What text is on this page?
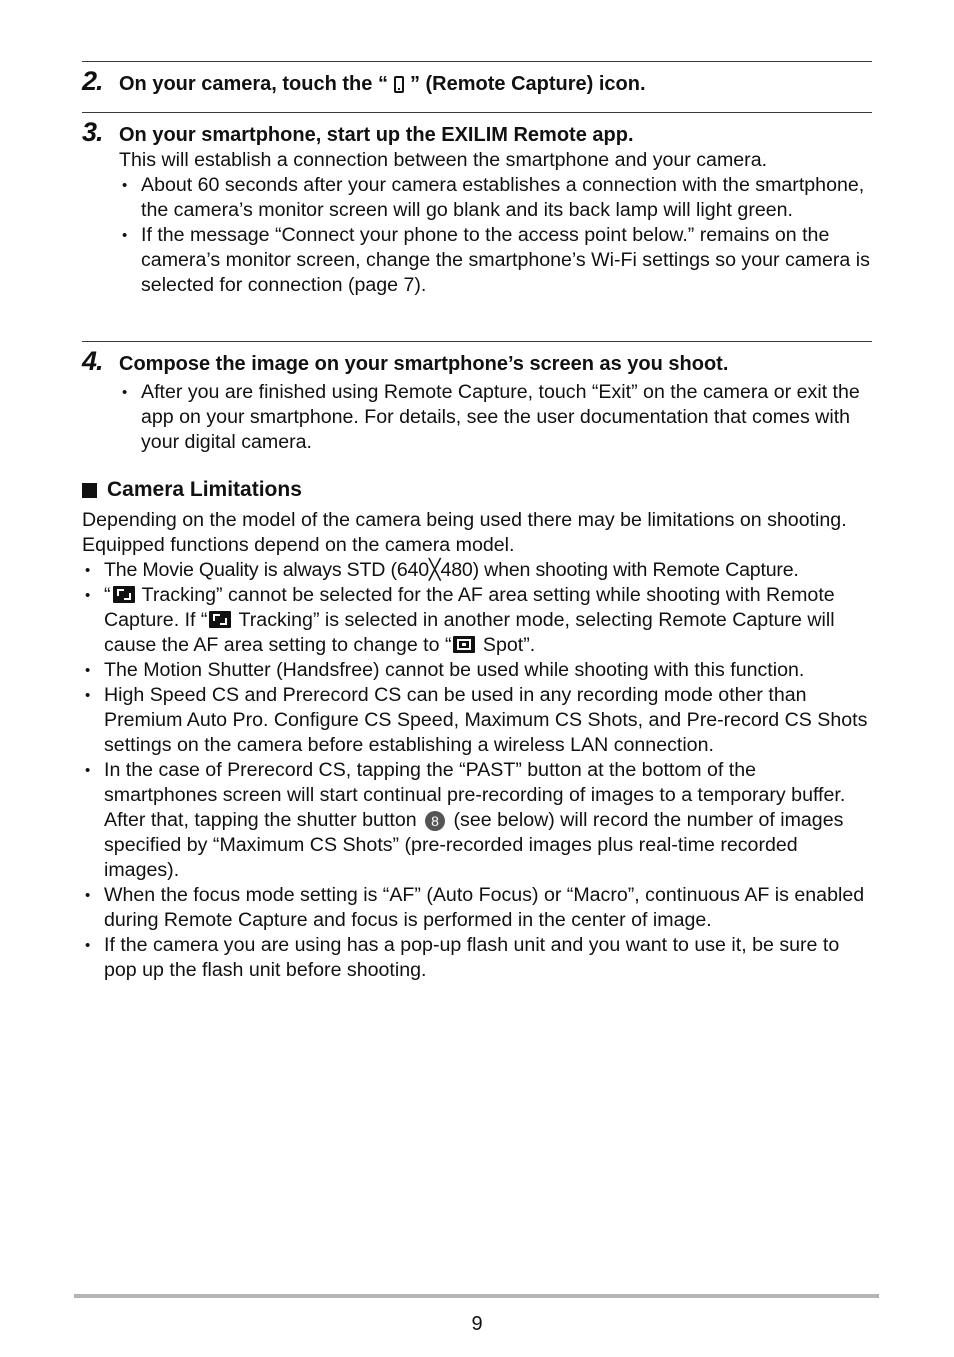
2. On your camera, touch the “ ” (Remote Capture) icon.
3. On your smartphone, start up the EXILIM Remote app.
This will establish a connection between the smartphone and your camera.
• About 60 seconds after your camera establishes a connection with the smartphone, the camera’s monitor screen will go blank and its back lamp will light green.
• If the message “Connect your phone to the access point below.” remains on the camera’s monitor screen, change the smartphone’s Wi-Fi settings so your camera is selected for connection (page 7).
4. Compose the image on your smartphone’s screen as you shoot.
• After you are finished using Remote Capture, touch “Exit” on the camera or exit the app on your smartphone. For details, see the user documentation that comes with your digital camera.
Camera Limitations
Depending on the model of the camera being used there may be limitations on shooting. Equipped functions depend on the camera model.
• The Movie Quality is always STD (640╳480) when shooting with Remote Capture.
• “
Tracking” cannot be selected for the AF area setting while shooting with Remote Capture. If “
Tracking” is selected in another mode, selecting Remote Capture will cause the AF area setting to change to “
Spot”.
• The Motion Shutter (Handsfree) cannot be used while shooting with this function.
• High Speed CS and Prerecord CS can be used in any recording mode other than Premium Auto Pro. Configure CS Speed, Maximum CS Shots, and Pre-record CS Shots settings on the camera before establishing a wireless LAN connection.
• In the case of Prerecord CS, tapping the “PAST” button at the bottom of the smartphones screen will start continual pre-recording of images to a temporary buffer. After that, tapping the shutter button 8 (see below) will record the number of images specified by “Maximum CS Shots” (pre-recorded images plus real-time recorded images).
• When the focus mode setting is “AF” (Auto Focus) or “Macro”, continuous AF is enabled during Remote Capture and focus is performed in the center of image.
• If the camera you are using has a pop-up flash unit and you want to use it, be sure to pop up the flash unit before shooting.
9
